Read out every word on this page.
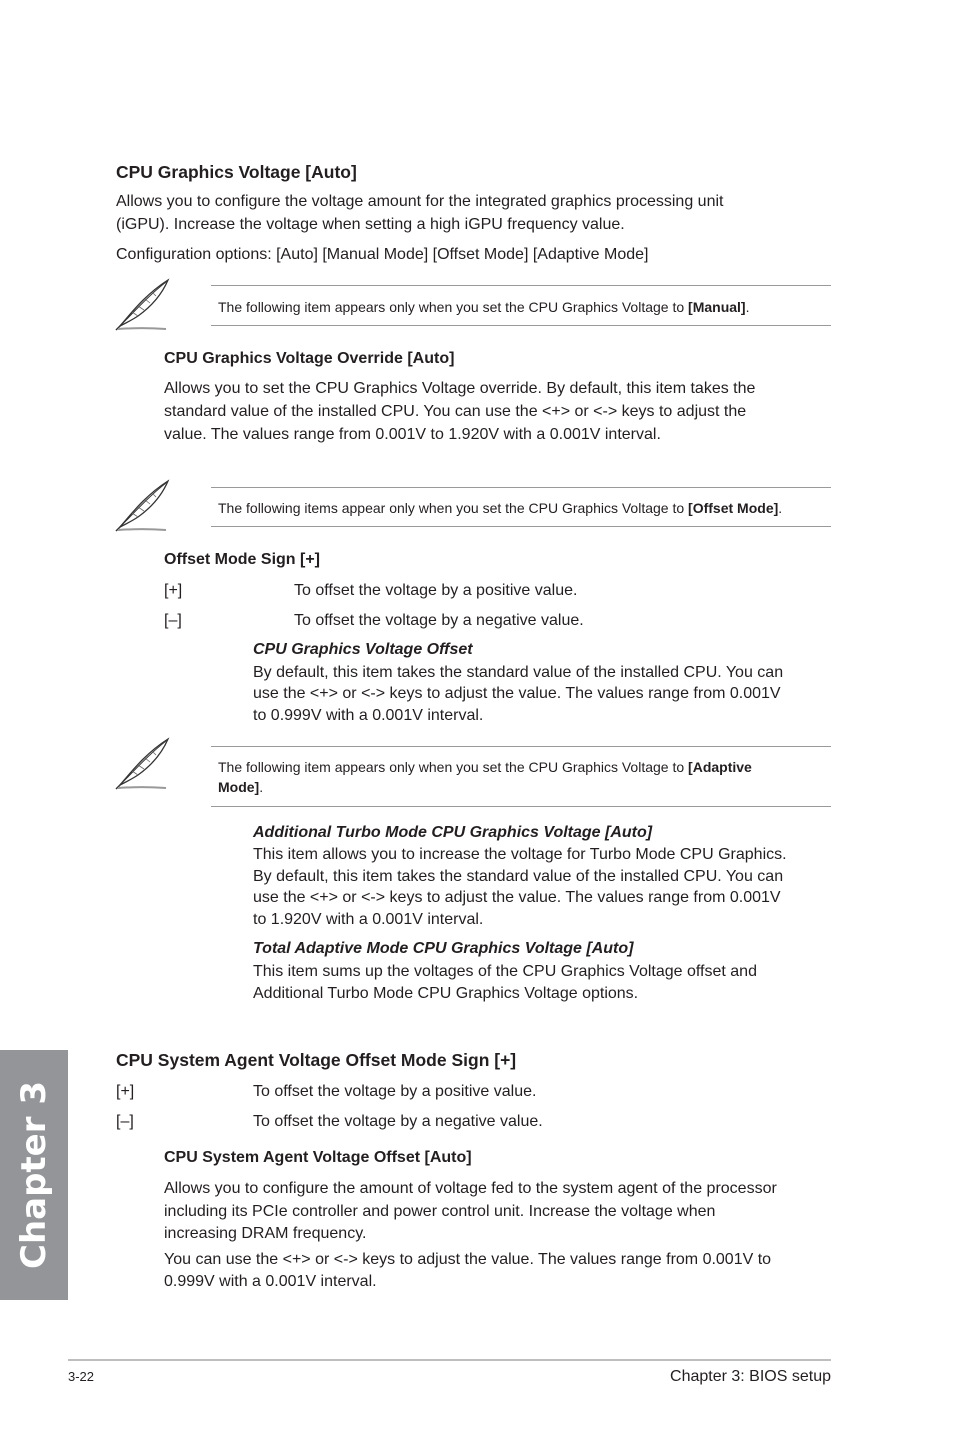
CPU Graphics Voltage [Auto]
Allows you to configure the voltage amount for the integrated graphics processing unit
(iGPU). Increase the voltage when setting a high iGPU frequency value.
Configuration options: [Auto] [Manual Mode] [Offset Mode] [Adaptive Mode]
The following item appears only when you set the CPU Graphics Voltage to [Manual].
CPU Graphics Voltage Override [Auto]
Allows you to set the CPU Graphics Voltage override. By default, this item takes the
standard value of the installed CPU. You can use the <+> or <-> keys to adjust the
value. The values range from 0.001V to 1.920V with a 0.001V interval.
The following items appear only when you set the CPU Graphics Voltage to [Offset Mode].
Offset Mode Sign [+]
[+]	To offset the voltage by a positive value.
[–]	To offset the voltage by a negative value.
CPU Graphics Voltage Offset
By default, this item takes the standard value of the installed CPU. You can
use the <+> or <-> keys to adjust the value. The values range from 0.001V
to 0.999V with a 0.001V interval.
The following item appears only when you set the CPU Graphics Voltage to [Adaptive
Mode].
Additional Turbo Mode CPU Graphics Voltage [Auto]
This item allows you to increase the voltage for Turbo Mode CPU Graphics.
By default, this item takes the standard value of the installed CPU. You can
use the <+> or <-> keys to adjust the value. The values range from 0.001V
to 1.920V with a 0.001V interval.
Total Adaptive Mode CPU Graphics Voltage [Auto]
This item sums up the voltages of the CPU Graphics Voltage offset and
Additional Turbo Mode CPU Graphics Voltage options.
CPU System Agent Voltage Offset Mode Sign [+]
[+]	To offset the voltage by a positive value.
[–]	To offset the voltage by a negative value.
CPU System Agent Voltage Offset [Auto]
Allows you to configure the amount of voltage fed to the system agent of the processor
including its PCIe controller and power control unit. Increase the voltage when
increasing DRAM frequency.
You can use the <+> or <-> keys to adjust the value. The values range from 0.001V to
0.999V with a 0.001V interval.
Chapter 3
3-22	Chapter 3: BIOS setup
